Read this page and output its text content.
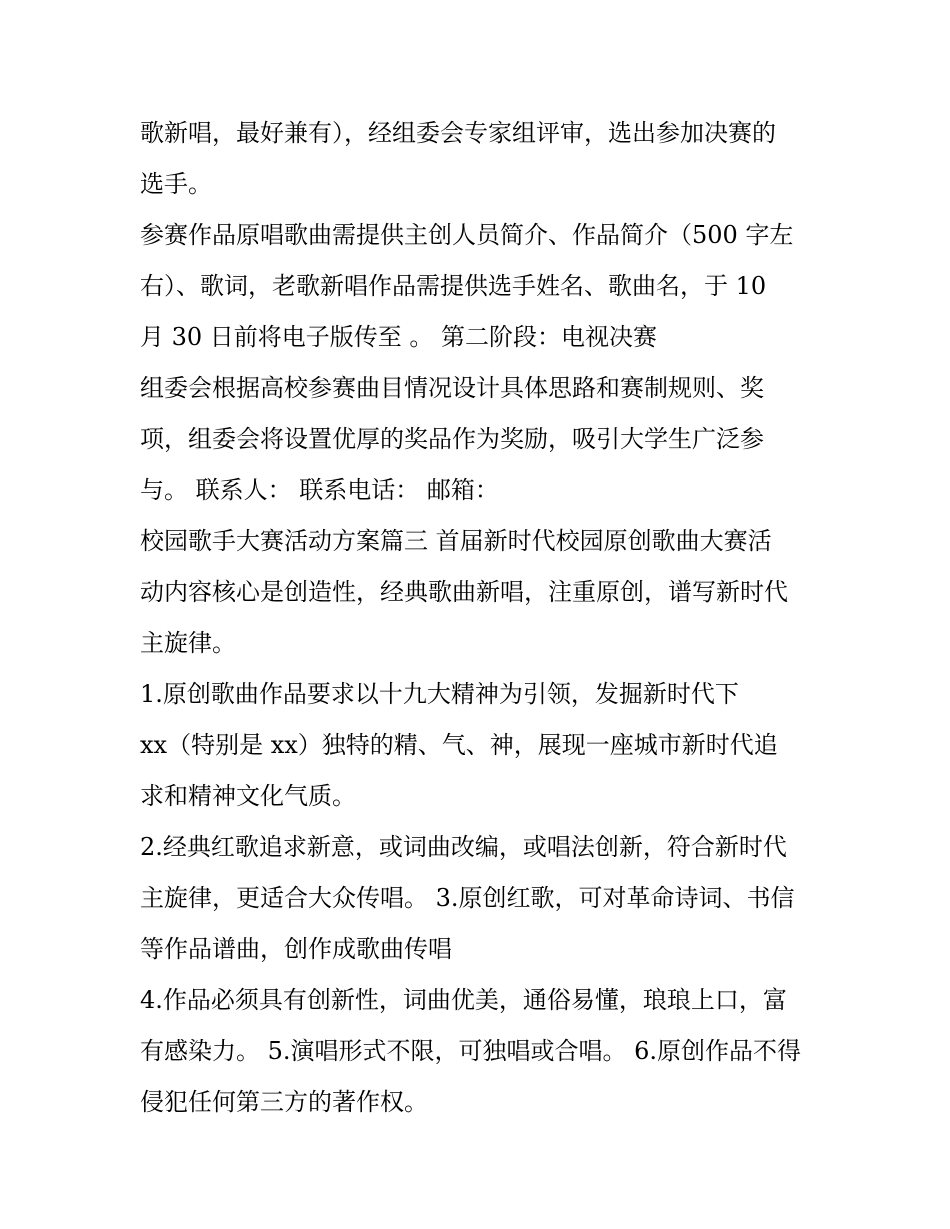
歌新唱，最好兼有），经组委会专家组评审，选出参加决赛的
选手。
参赛作品原唱歌曲需提供主创人员简介、作品简介（500 字左
右）、歌词，老歌新唱作品需提供选手姓名、歌曲名，于 10
月 30 日前将电子版传至 。 第二阶段：电视决赛
组委会根据高校参赛曲目情况设计具体思路和赛制规则、奖
项，组委会将设置优厚的奖品作为奖励，吸引大学生广泛参
与。 联系人： 联系电话： 邮箱：
校园歌手大赛活动方案篇三 首届新时代校园原创歌曲大赛活
动内容核心是创造性，经典歌曲新唱，注重原创，谱写新时代
主旋律。
1.原创歌曲作品要求以十九大精神为引领，发掘新时代下
xx（特别是 xx）独特的精、气、神，展现一座城市新时代追
求和精神文化气质。
2.经典红歌追求新意，或词曲改编，或唱法创新，符合新时代
主旋律，更适合大众传唱。 3.原创红歌，可对革命诗词、书信
等作品谱曲，创作成歌曲传唱
4.作品必须具有创新性，词曲优美，通俗易懂，琅琅上口，富
有感染力。 5.演唱形式不限，可独唱或合唱。 6.原创作品不得
侵犯任何第三方的著作权。
